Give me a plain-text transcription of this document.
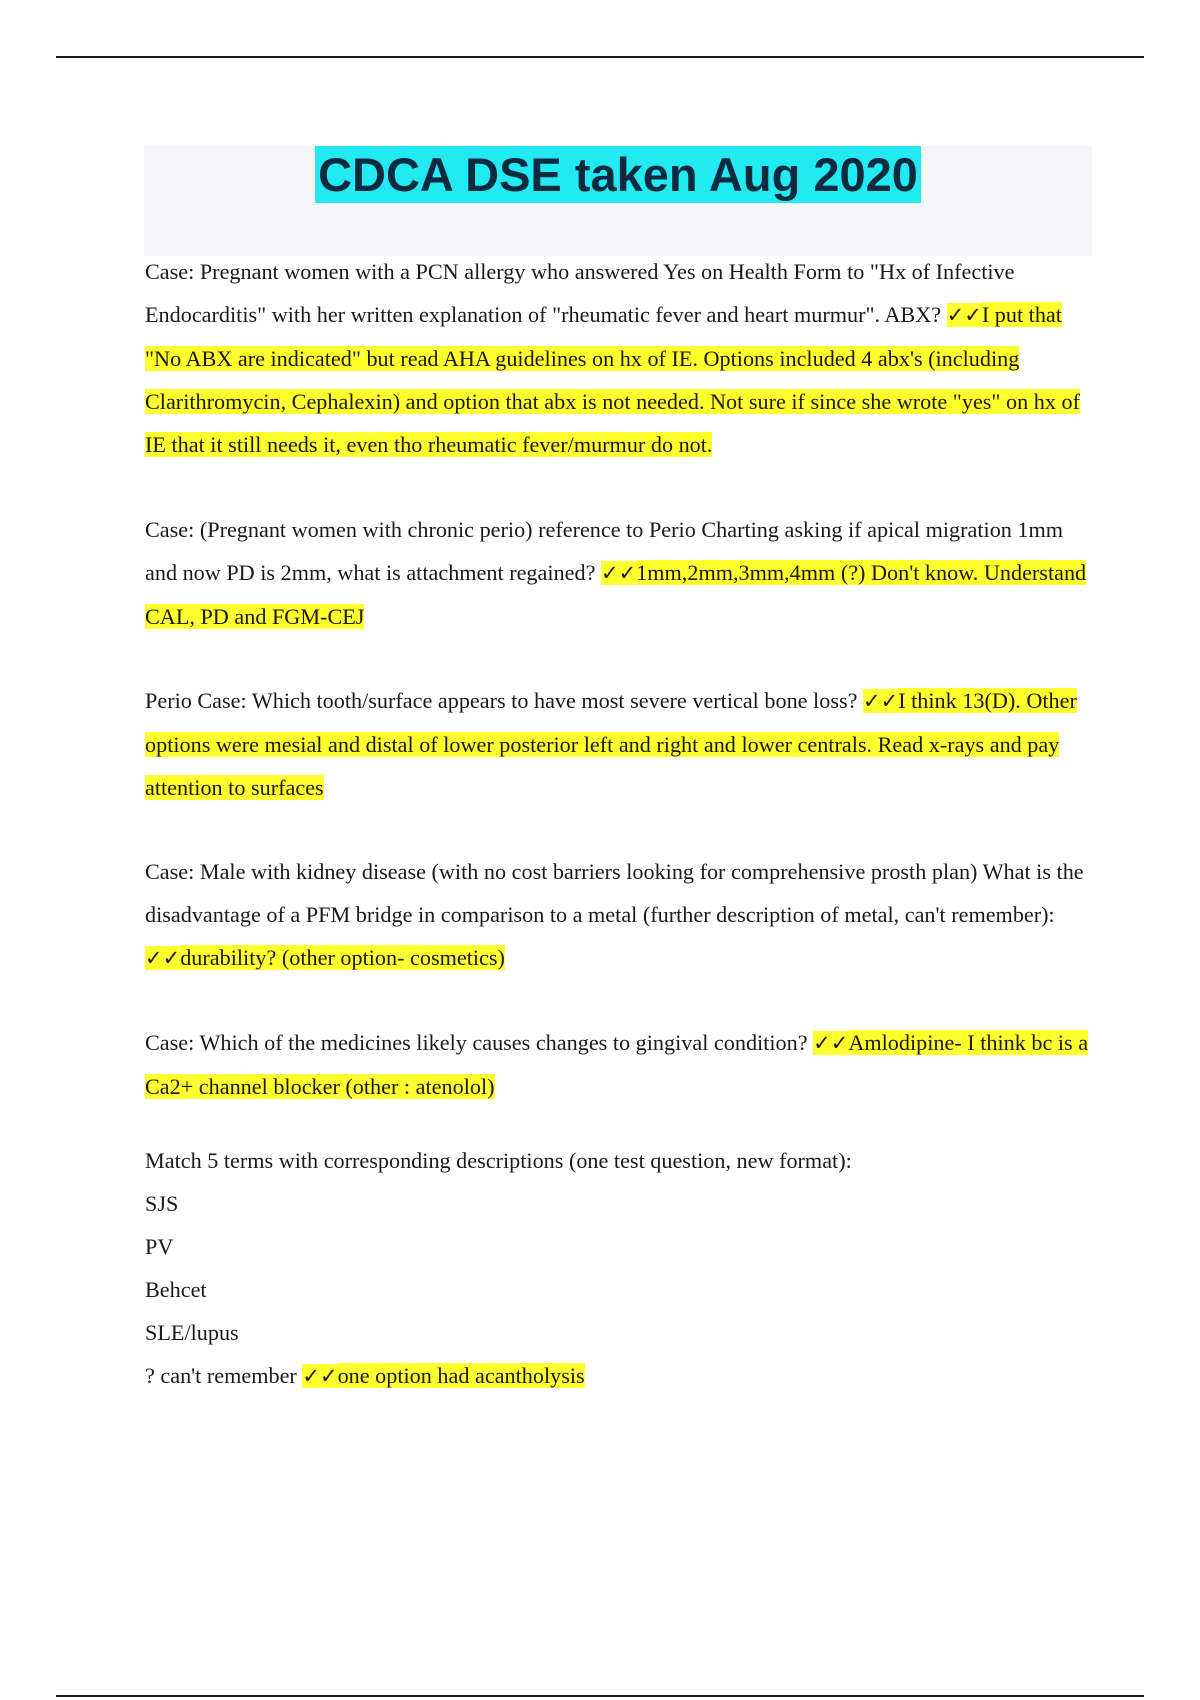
CDCA DSE taken Aug 2020

Case: Pregnant women with a PCN allergy who answered Yes on Health Form to "Hx of Infective Endocarditis" with her written explanation of "rheumatic fever and heart murmur". ABX? ✓✓I put that "No ABX are indicated" but read AHA guidelines on hx of IE. Options included 4 abx's (including Clarithromycin, Cephalexin) and option that abx is not needed. Not sure if since she wrote "yes" on hx of IE that it still needs it, even tho rheumatic fever/murmur do not.

Case: (Pregnant women with chronic perio) reference to Perio Charting asking if apical migration 1mm and now PD is 2mm, what is attachment regained? ✓✓1mm,2mm,3mm,4mm (?) Don't know. Understand CAL, PD and FGM-CEJ

Perio Case: Which tooth/surface appears to have most severe vertical bone loss? ✓✓I think 13(D). Other options were mesial and distal of lower posterior left and right and lower centrals. Read x-rays and pay attention to surfaces

Case: Male with kidney disease (with no cost barriers looking for comprehensive prosth plan) What is the disadvantage of a PFM bridge in comparison to a metal (further description of metal, can't remember): ✓✓durability? (other option- cosmetics)

Case: Which of the medicines likely causes changes to gingival condition? ✓✓Amlodipine- I think bc is a Ca2+ channel blocker (other : atenolol)

Match 5 terms with corresponding descriptions (one test question, new format):

SJS

PV

Behcet

SLE/lupus

? can't remember ✓✓one option had acantholysis
